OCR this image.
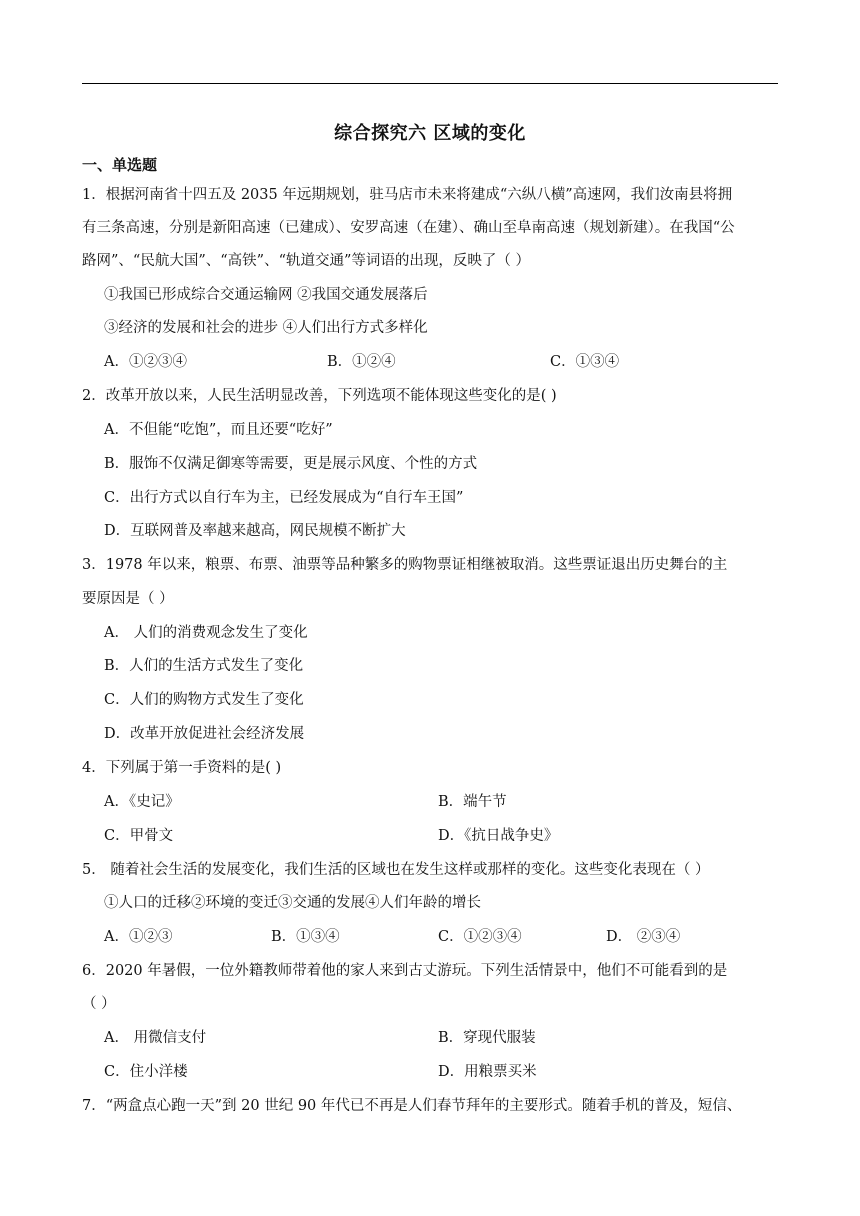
综合探究六 区域的变化
一、单选题
1．根据河南省十四五及 2035 年远期规划，驻马店市未来将建成“六纵八横”高速网，我们汝南县将拥
有三条高速，分别是新阳高速（已建成）、安罗高速（在建）、确山至阜南高速（规划新建）。在我国“公
路网”、“民航大国”、“高铁”、“轨道交通”等词语的出现，反映了（ ）
①我国已形成综合交通运输网 ②我国交通发展落后
③经济的发展和社会的进步 ④人们出行方式多样化
A．①②③④	B．①②④	C．①③④
2．改革开放以来，人民生活明显改善，下列选项不能体现这些变化的是( )
A．不但能“吃饱”，而且还要“吃好”
B．服饰不仅满足御寒等需要，更是展示风度、个性的方式
C．出行方式以自行车为主，已经发展成为“自行车王国”
D．互联网普及率越来越高，网民规模不断扩大
3．1978 年以来，粮票、布票、油票等品种繁多的购物票证相继被取消。这些票证退出历史舞台的主
要原因是（ ）
A． 人们的消费观念发生了变化
B．人们的生活方式发生了变化
C．人们的购物方式发生了变化
D．改革开放促进社会经济发展
4．下列属于第一手资料的是( )
A．《史记》	B．端午节
C．甲骨文	D．《抗日战争史》
5． 随着社会生活的发展变化，我们生活的区域也在发生这样或那样的变化。这些变化表现在（ ）
①人口的迁移②环境的变迁③交通的发展④人们年龄的增长
A．①②③	B．①③④	C．①②③④	D． ②③④
6．2020 年暑假，一位外籍教师带着他的家人来到古丈游玩。下列生活情景中，他们不可能看到的是
（ ）
A． 用微信支付	B．穿现代服装
C．住小洋楼	D．用粮票买米
7．“两盒点心跑一天”到 20 世纪 90 年代已不再是人们春节拜年的主要形式。随着手机的普及，短信、
